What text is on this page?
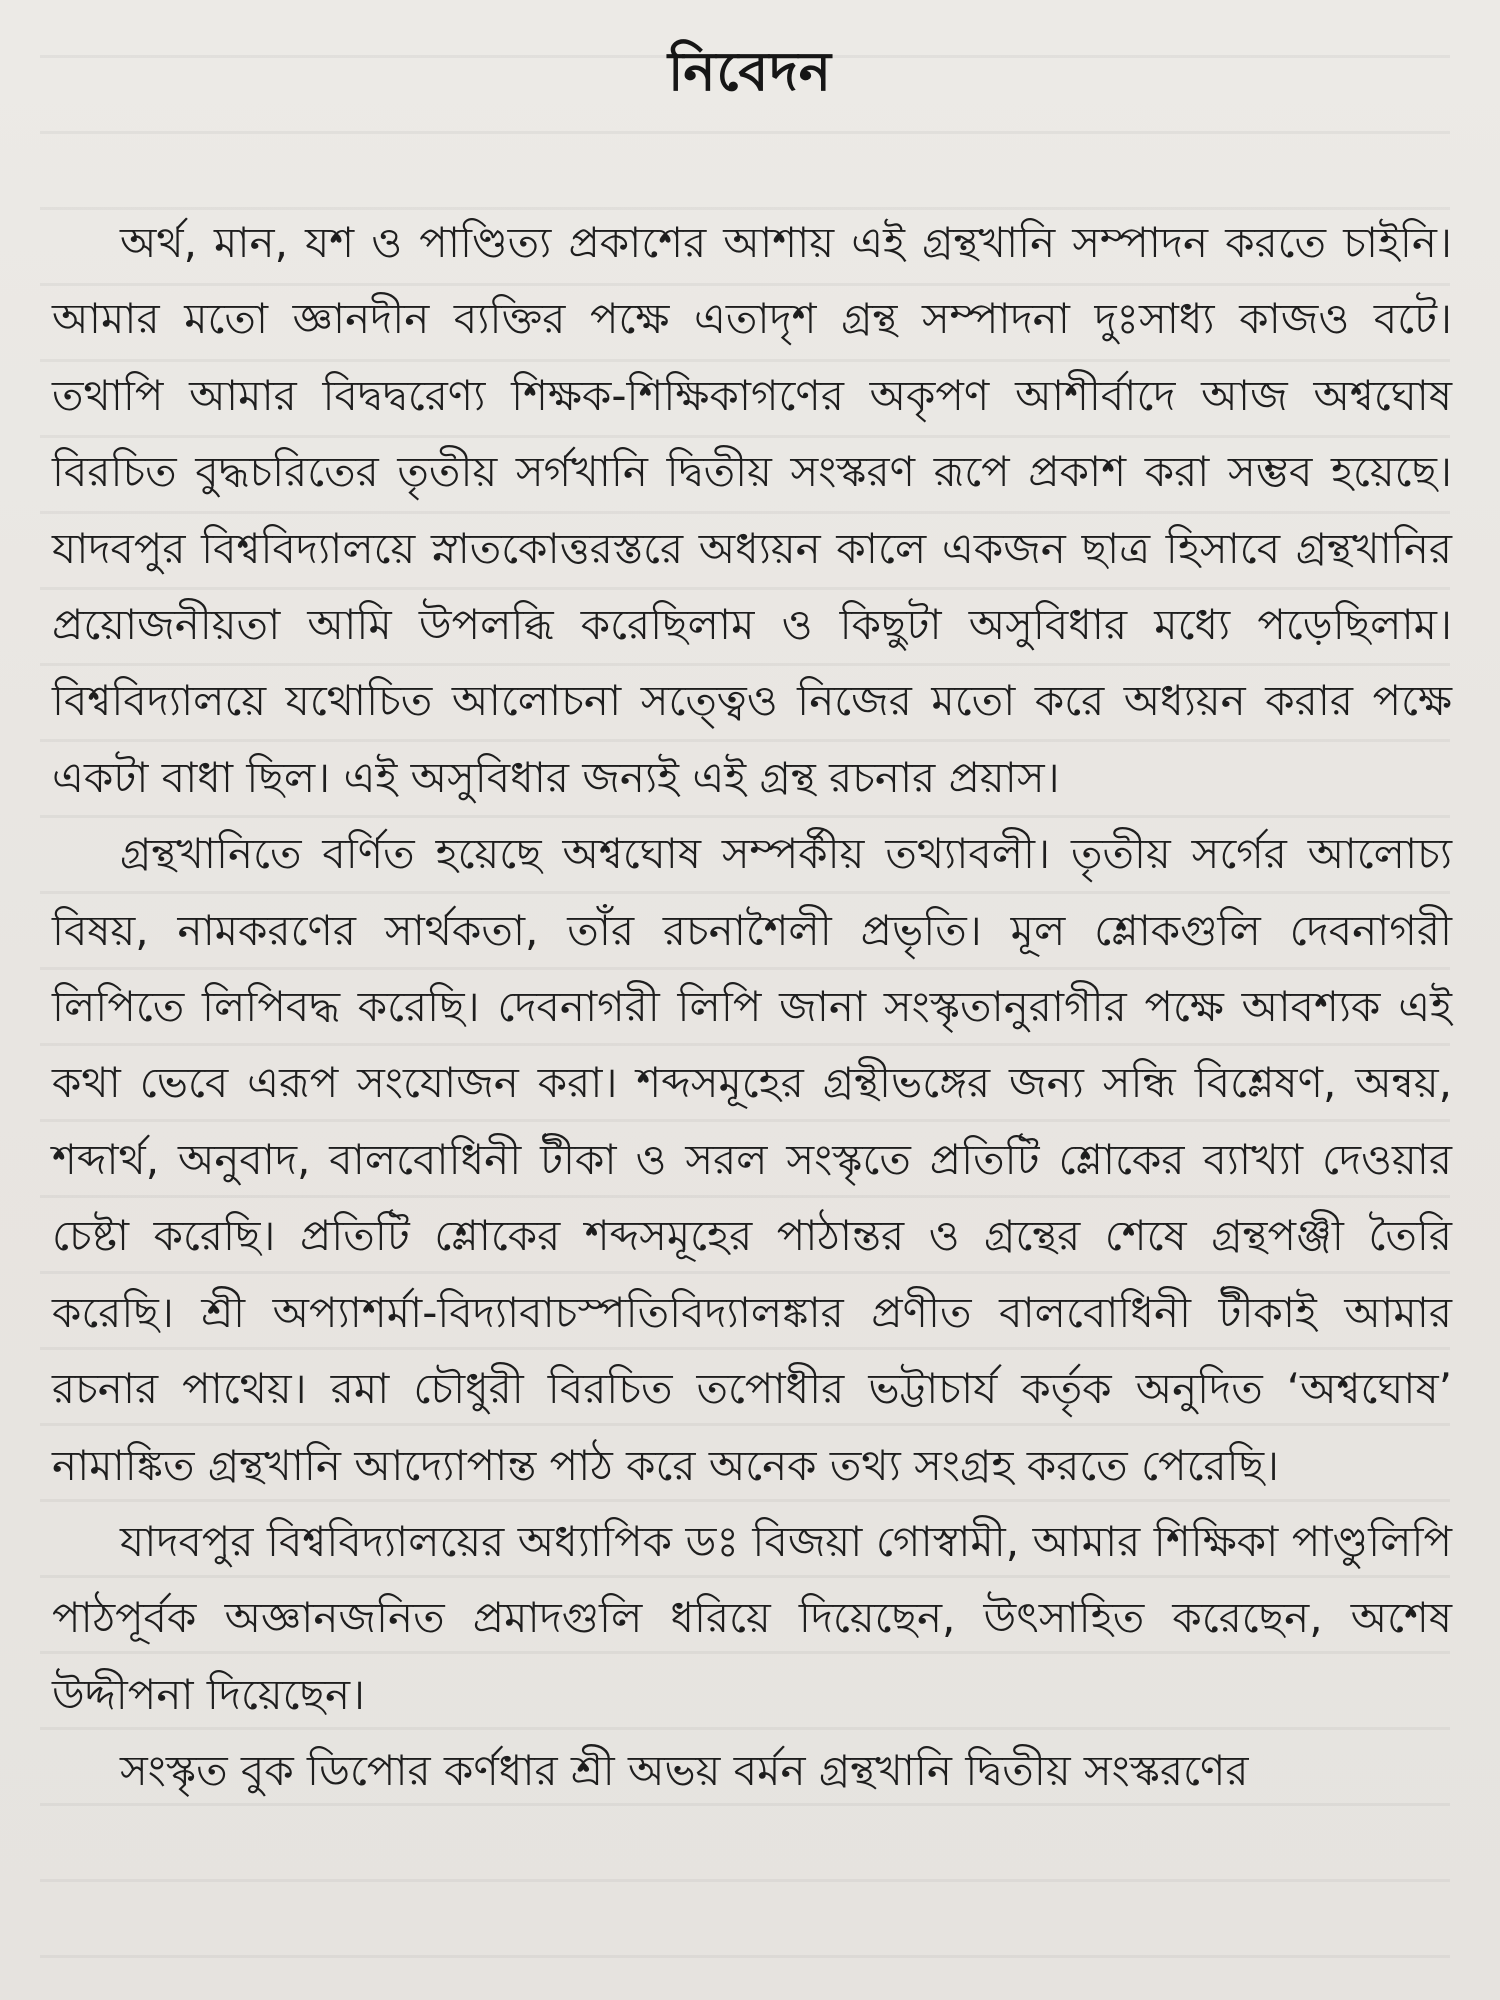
নিবেদন

অর্থ, মান, যশ ও পাণ্ডিত্য প্রকাশের আশায় এই গ্রন্থখানি সম্পাদন করতে চাইনি। আমার মতো জ্ঞানদীন ব্যক্তির পক্ষে এতাদৃশ গ্রন্থ সম্পাদনা দুঃসাধ্য কাজও বটে। তথাপি আমার বিদ্বদ্বরেণ্য শিক্ষক-শিক্ষিকাগণের অকৃপণ আশীর্বাদে আজ অশ্বঘোষ বিরচিত বুদ্ধচরিতের তৃতীয় সর্গখানি দ্বিতীয় সংস্করণ রূপে প্রকাশ করা সম্ভব হয়েছে। যাদবপুর বিশ্ববিদ্যালয়ে স্নাতকোত্তরস্তরে অধ্যয়ন কালে একজন ছাত্র হিসাবে গ্রন্থখানির প্রয়োজনীয়তা আমি উপলব্ধি করেছিলাম ও কিছুটা অসুবিধার মধ্যে পড়েছিলাম। বিশ্ববিদ্যালয়ে যথোচিত আলোচনা সত্ত্বেও নিজের মতো করে অধ্যয়ন করার পক্ষে একটা বাধা ছিল। এই অসুবিধার জন্যই এই গ্রন্থ রচনার প্রয়াস।

গ্রন্থখানিতে বর্ণিত হয়েছে অশ্বঘোষ সম্পর্কীয় তথ্যাবলী। তৃতীয় সর্গের আলোচ্য বিষয়, নামকরণের সার্থকতা, তাঁর রচনাশৈলী প্রভৃতি। মূল শ্লোকগুলি দেবনাগরী লিপিতে লিপিবদ্ধ করেছি। দেবনাগরী লিপি জানা সংস্কৃতানুরাগীর পক্ষে আবশ্যক এই কথা ভেবে এরূপ সংযোজন করা। শব্দসমূহের গ্রন্থীভঙ্গের জন্য সন্ধি বিশ্লেষণ, অন্বয়, শব্দার্থ, অনুবাদ, বালবোধিনী টীকা ও সরল সংস্কৃতে প্রতিটি শ্লোকের ব্যাখ্যা দেওয়ার চেষ্টা করেছি। প্রতিটি শ্লোকের শব্দসমূহের পাঠান্তর ও গ্রন্থের শেষে গ্রন্থপঞ্জী তৈরি করেছি। শ্রী অপ্যাশর্মা-বিদ্যাবাচস্পতিবিদ্যালঙ্কার প্রণীত বালবোধিনী টীকাই আমার রচনার পাথেয়। রমা চৌধুরী বিরচিত তপোধীর ভট্টাচার্য কর্তৃক অনুদিত ‘অশ্বঘোষ’ নামাঙ্কিত গ্রন্থখানি আদ্যোপান্ত পাঠ করে অনেক তথ্য সংগ্রহ করতে পেরেছি।

যাদবপুর বিশ্ববিদ্যালয়ের অধ্যাপিক ডঃ বিজয়া গোস্বামী, আমার শিক্ষিকা পাণ্ডুলিপি পাঠপূর্বক অজ্ঞানজনিত প্রমাদগুলি ধরিয়ে দিয়েছেন, উৎসাহিত করেছেন, অশেষ উদ্দীপনা দিয়েছেন।

সংস্কৃত বুক ডিপোর কর্ণধার শ্রী অভয় বর্মন গ্রন্থখানি দ্বিতীয় সংস্করণের
